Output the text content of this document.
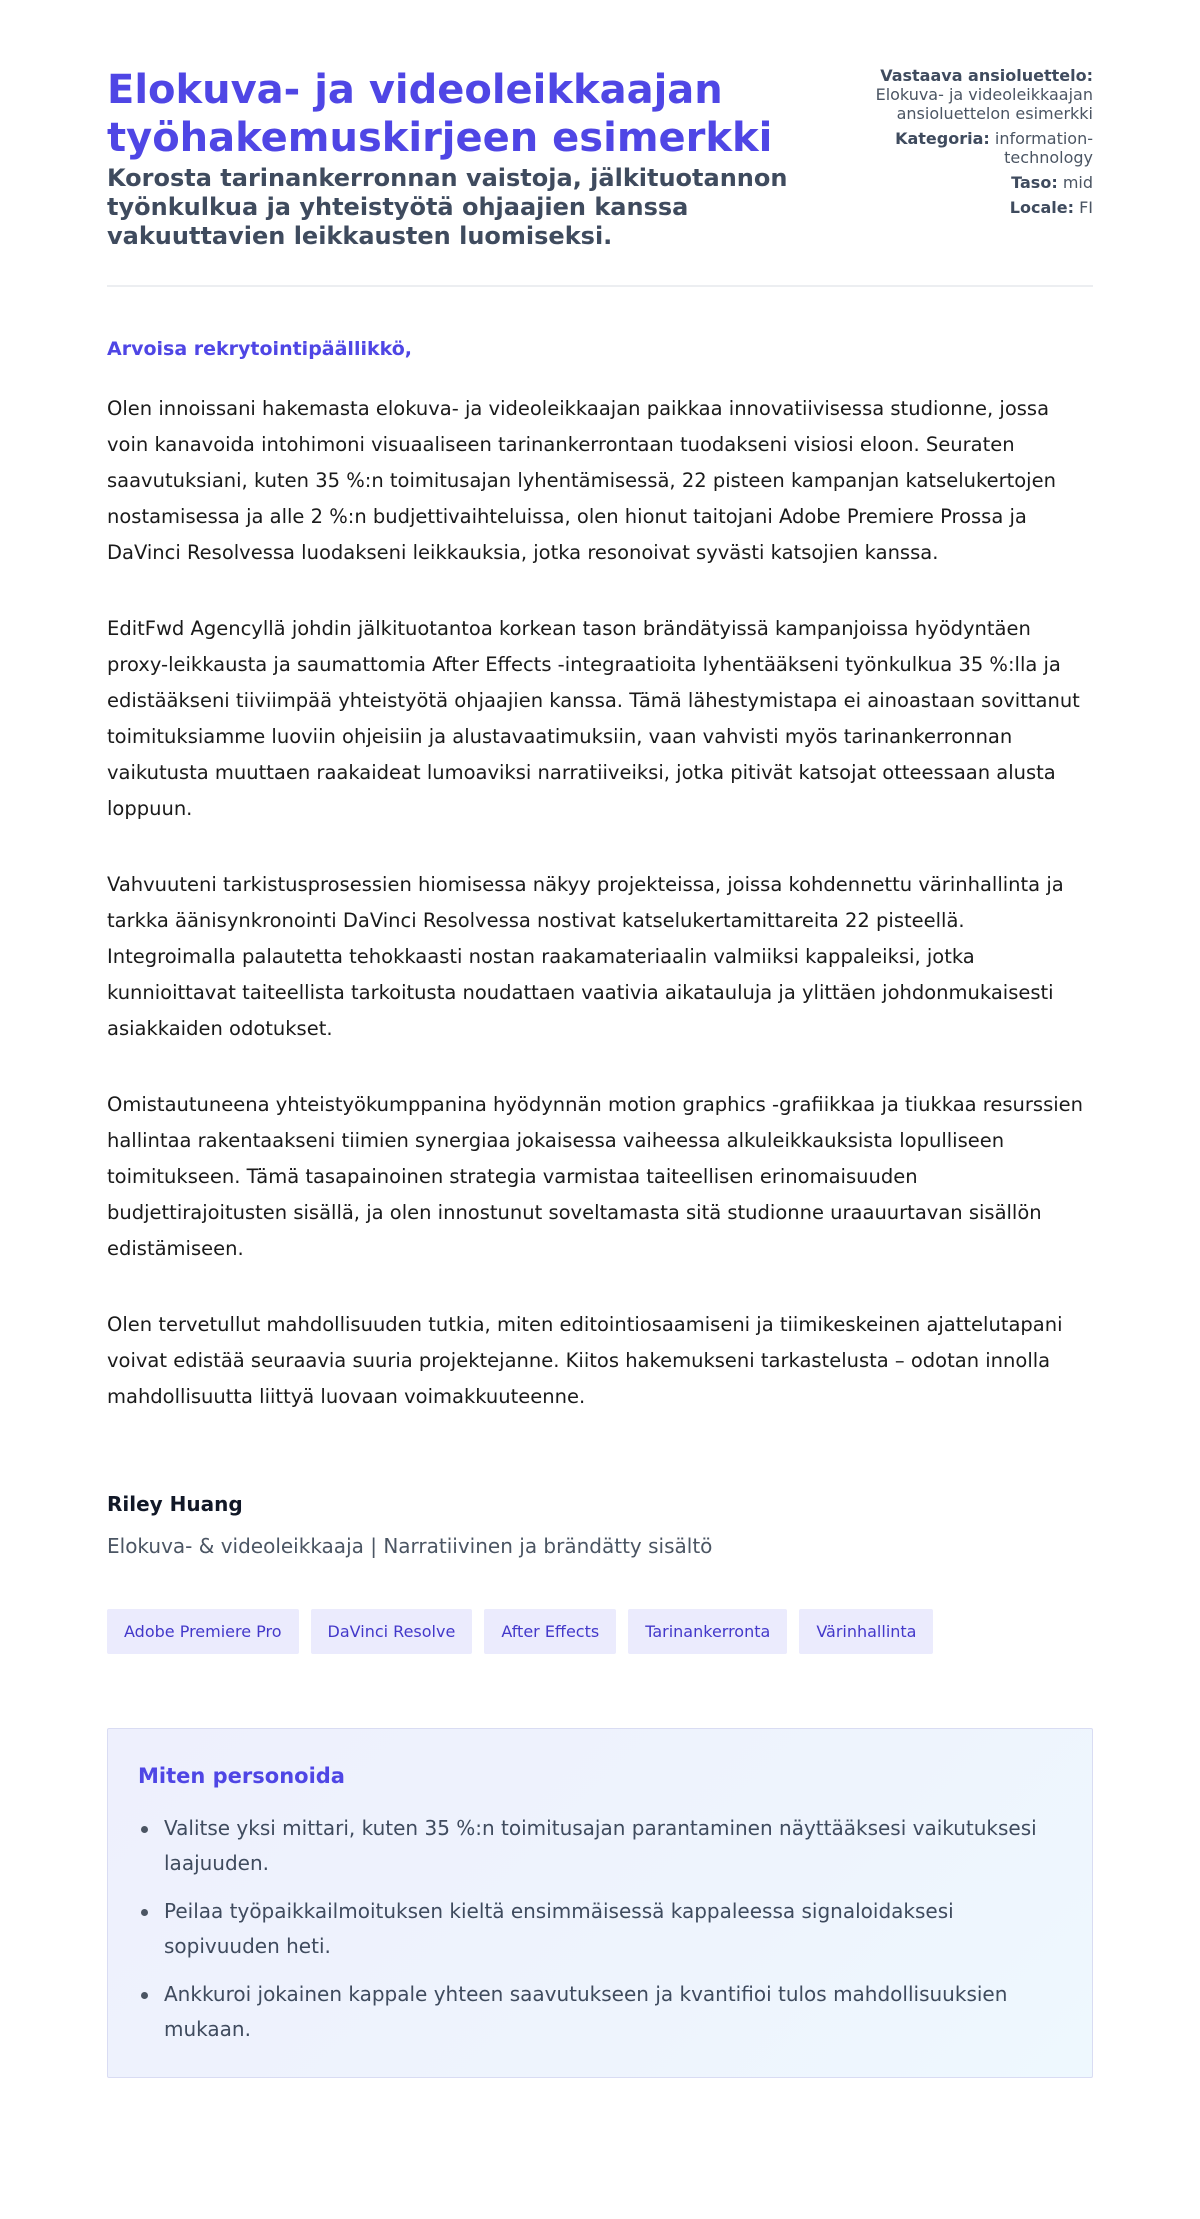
Elokuva- ja videoleikkaajan työhakemuskirjeen esimerkki
Korosta tarinankerronnan vaistoja, jälkituotannon työnkulkua ja yhteistyötä ohjaajien kanssa vakuuttavien leikkausten luomiseksi.
Vastaava ansioluettelo:
Elokuva- ja videoleikkaajan ansioluettelon esimerkki
Kategoria: information-technology
Taso: mid
Locale: FI

Arvoisa rekrytointipäällikkö,

Olen innoissani hakemasta elokuva- ja videoleikkaajan paikkaa innovatiivisessa studionne, jossa voin kanavoida intohimoni visuaaliseen tarinankerrontaan tuodakseni visiosi eloon. Seuraten saavutuksiani, kuten 35 %:n toimitusajan lyhentämisessä, 22 pisteen kampanjan katselukertojen nostamisessa ja alle 2 %:n budjettivaihteluissa, olen hionut taitojani Adobe Premiere Prossa ja DaVinci Resolvessa luodakseni leikkauksia, jotka resonoivat syvästi katsojien kanssa.

EditFwd Agencyllä johdin jälkituotantoa korkean tason brändätyissä kampanjoissa hyödyntäen proxy-leikkausta ja saumattomia After Effects -integraatioita lyhentääkseni työnkulkua 35 %:lla ja edistääkseni tiiviimpää yhteistyötä ohjaajien kanssa. Tämä lähestymistapa ei ainoastaan sovittanut toimituksiamme luoviin ohjeisiin ja alustavaatimuksiin, vaan vahvisti myös tarinankerronnan vaikutusta muuttaen raakaideat lumoaviksi narratiiveiksi, jotka pitivät katsojat otteessaan alusta loppuun.

Vahvuuteni tarkistusprosessien hiomisessa näkyy projekteissa, joissa kohdennettu värinhallinta ja tarkka äänisynkronointi DaVinci Resolvessa nostivat katselukertamittareita 22 pisteellä. Integroimalla palautetta tehokkaasti nostan raakamateriaalin valmiiksi kappaleiksi, jotka kunnioittavat taiteellista tarkoitusta noudattaen vaativia aikatauluja ja ylittäen johdonmukaisesti asiakkaiden odotukset.

Omistautuneena yhteistyökumppanina hyödynnän motion graphics -grafiikkaa ja tiukkaa resurssien hallintaa rakentaakseni tiimien synergiaa jokaisessa vaiheessa alkuleikkauksista lopulliseen toimitukseen. Tämä tasapainoinen strategia varmistaa taiteellisen erinomaisuuden budjettirajoitusten sisällä, ja olen innostunut soveltamasta sitä studionne uraauurtavan sisällön edistämiseen.

Olen tervetullut mahdollisuuden tutkia, miten editointiosaamiseni ja tiimikeskeinen ajattelutapani voivat edistää seuraavia suuria projektejanne. Kiitos hakemukseni tarkastelusta – odotan innolla mahdollisuutta liittyä luovaan voimakkuuteenne.

Riley Huang

Elokuva- & videoleikkaaja | Narratiivinen ja brändätty sisältö

Adobe Premiere Pro	DaVinci Resolve	After Effects	Tarinankerronta	Värinhallinta
Miten personoida
Valitse yksi mittari, kuten 35 %:n toimitusajan parantaminen näyttääksesi vaikutuksesi laajuuden.
Peilaa työpaikkailmoituksen kieltä ensimmäisessä kappaleessa signaloidaksesi sopivuuden heti.
Ankkuroi jokainen kappale yhteen saavutukseen ja kvantifioi tulos mahdollisuuksien mukaan.
